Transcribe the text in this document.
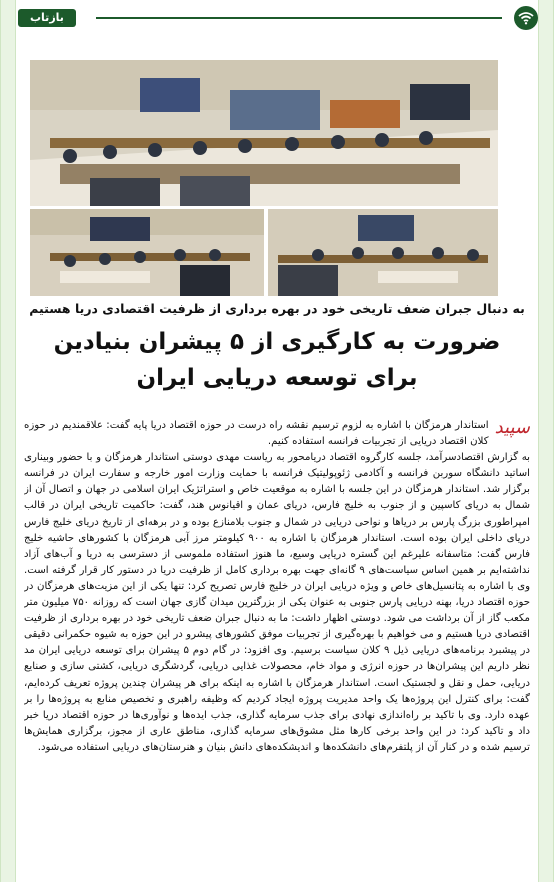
بازتاب

به دنبال جبران ضعف تاریخی خود در بهره برداری از ظرفیت اقتصادی دریا هستیم

ضرورت به کارگیری از ۵ پیشران بنیادین

برای توسعه دریایی ایران

سپید

استاندار هرمزگان با اشاره به لزوم ترسیم نقشه راه درست در حوزه اقتصاد دریا پایه گفت: علاقمندیم در حوزه کلان اقتصاد دریایی از تجربیات فرانسه استفاده کنیم.

به گزارش اقتصادسرآمد، جلسه کارگروه اقتصاد دریامحور به ریاست مهدی دوستی استاندار هرمزگان و با حضور وبیناری اساتید دانشگاه سوربن فرانسه و آکادمی ژئوپولیتیک فرانسه با حمایت وزارت امور خارجه و سفارت ایران در فرانسه برگزار شد. استاندار هرمزگان در این جلسه با اشاره به موقعیت خاص و استراتژیک ایران اسلامی در جهان و اتصال آن از شمال به دریای کاسپین و از جنوب به خلیج فارس، دریای عمان و اقیانوس هند، گفت: حاکمیت تاریخی ایران در قالب امپراطوری بزرگ پارس بر دریاها و نواحی دریایی در شمال و جنوب بلامنازع بوده و در برهه‌ای از تاریخ دریای خلیج فارس دریای داخلی ایران بوده است. استاندار هرمزگان با اشاره به ۹۰۰ کیلومتر مرز آبی هرمزگان با کشورهای حاشیه خلیج فارس گفت: متاسفانه علیرغم این گستره دریایی وسیع، ما هنوز استفاده ملموسی از دسترسی به دریا و آب‌های آزاد نداشته‌ایم بر همین اساس سیاست‌های ۹ گانه‌ای جهت بهره برداری کامل از ظرفیت دریا در دستور کار قرار گرفته است. وی با اشاره به پتانسیل‌های خاص و ویژه دریایی ایران در خلیج فارس تصریح کرد: تنها یکی از این مزیت‌های هرمزگان در حوزه اقتصاد دریا، بهنه دریایی پارس جنوبی به عنوان یکی از بزرگترین میدان گازی جهان است که روزانه ۷۵۰ میلیون متر مکعب گاز از آن برداشت می شود. دوستی اظهار داشت: ما به دنبال جبران ضعف تاریخی خود در بهره برداری از ظرفیت اقتصادی دریا هستیم و می خواهیم با بهره‌گیری از تجربیات موفق کشورهای پیشرو در این حوزه به شیوه حکمرانی دقیقی در پیشبرد برنامه‌های دریایی ذیل ۹ کلان سیاست برسیم. وی افزود: در گام دوم ۵ پیشران برای توسعه دریایی ایران مد نظر داریم این پیشران‌ها در حوزه انرژی و مواد خام، محصولات غذایی دریایی، گردشگری دریایی، کشتی سازی و صنایع دریایی، حمل و نقل و لجستیک است. استاندار هرمزگان با اشاره به اینکه برای هر پیشران چندین پروژه تعریف کرده‌ایم، گفت: برای کنترل این پروژه‌ها یک واحد مدیریت پروژه ایجاد کردیم که وظیفه راهبری و تخصیص منابع به پروژه‌ها را بر عهده دارد. وی با تاکید بر راه‌اندازی نهادی برای جذب سرمایه گذاری، جذب ایده‌ها و نوآوری‌ها در حوزه اقتصاد دریا خبر داد و تاکید کرد: در این واحد برخی کارها مثل مشوق‌های سرمایه گذاری، مناطق عاری از مجوز، برگزاری همایش‌ها ترسیم شده و در کنار آن از پلتفرم‌های دانشکده‌ها و اندیشکده‌های دانش بنیان و هنرستان‌های دریایی استفاده می‌شود.
